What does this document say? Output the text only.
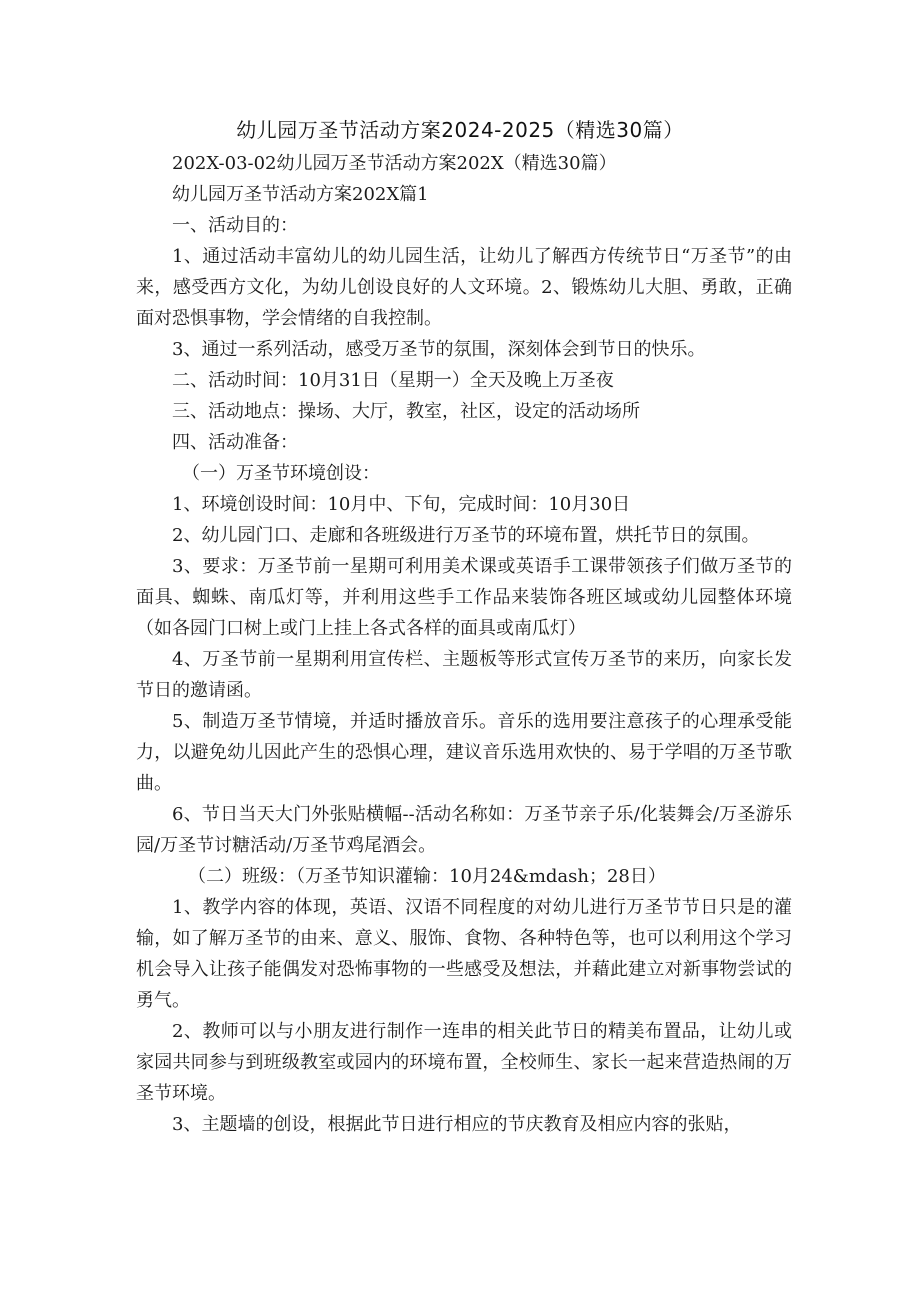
幼儿园万圣节活动方案2024-2025（精选30篇）

202X-03-02幼儿园万圣节活动方案202X（精选30篇）

幼儿园万圣节活动方案202X篇1

一、活动目的：

1、通过活动丰富幼儿的幼儿园生活，让幼儿了解西方传统节日“万圣节”的由来，感受西方文化，为幼儿创设良好的人文环境。2、锻炼幼儿大胆、勇敢，正确面对恐惧事物，学会情绪的自我控制。

3、通过一系列活动，感受万圣节的氛围，深刻体会到节日的快乐。

二、活动时间：10月31日（星期一）全天及晚上万圣夜

三、活动地点：操场、大厅，教室，社区，设定的活动场所

四、活动准备：

（一）万圣节环境创设：

1、环境创设时间：10月中、下旬，完成时间：10月30日

2、幼儿园门口、走廊和各班级进行万圣节的环境布置，烘托节日的氛围。

3、要求：万圣节前一星期可利用美术课或英语手工课带领孩子们做万圣节的面具、蜘蛛、南瓜灯等，并利用这些手工作品来装饰各班区域或幼儿园整体环境（如各园门口树上或门上挂上各式各样的面具或南瓜灯）

4、万圣节前一星期利用宣传栏、主题板等形式宣传万圣节的来历，向家长发节日的邀请函。

5、制造万圣节情境，并适时播放音乐。音乐的选用要注意孩子的心理承受能力，以避免幼儿因此产生的恐惧心理，建议音乐选用欢快的、易于学唱的万圣节歌曲。

6、节日当天大门外张贴横幅--活动名称如：万圣节亲子乐/化装舞会/万圣游乐园/万圣节讨糖活动/万圣节鸡尾酒会。

（二）班级：（万圣节知识灌输：10月24&mdash；28日）

1、教学内容的体现，英语、汉语不同程度的对幼儿进行万圣节节日只是的灌输，如了解万圣节的由来、意义、服饰、食物、各种特色等，也可以利用这个学习机会导入让孩子能偶发对恐怖事物的一些感受及想法，并藉此建立对新事物尝试的勇气。

2、教师可以与小朋友进行制作一连串的相关此节日的精美布置品，让幼儿或家园共同参与到班级教室或园内的环境布置，全校师生、家长一起来营造热闹的万圣节环境。

3、主题墙的创设，根据此节日进行相应的节庆教育及相应内容的张贴，
